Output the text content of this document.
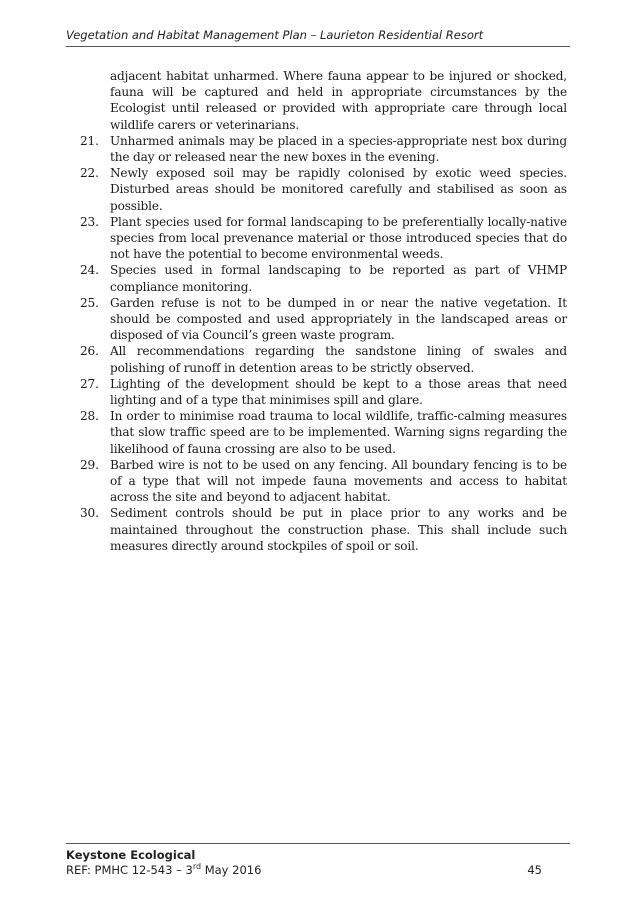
Vegetation and Habitat Management Plan – Laurieton Residential Resort

adjacent habitat unharmed. Where fauna appear to be injured or shocked, fauna will be captured and held in appropriate circumstances by the Ecologist until released or provided with appropriate care through local wildlife carers or veterinarians.

21. Unharmed animals may be placed in a species-appropriate nest box during the day or released near the new boxes in the evening.
22. Newly exposed soil may be rapidly colonised by exotic weed species. Disturbed areas should be monitored carefully and stabilised as soon as possible.
23. Plant species used for formal landscaping to be preferentially locally-native species from local prevenance material or those introduced species that do not have the potential to become environmental weeds.
24. Species used in formal landscaping to be reported as part of VHMP compliance monitoring.
25. Garden refuse is not to be dumped in or near the native vegetation. It should be composted and used appropriately in the landscaped areas or disposed of via Council’s green waste program.
26. All recommendations regarding the sandstone lining of swales and polishing of runoff in detention areas to be strictly observed.
27. Lighting of the development should be kept to a those areas that need lighting and of a type that minimises spill and glare.
28. In order to minimise road trauma to local wildlife, traffic-calming measures that slow traffic speed are to be implemented. Warning signs regarding the likelihood of fauna crossing are also to be used.
29. Barbed wire is not to be used on any fencing. All boundary fencing is to be of a type that will not impede fauna movements and access to habitat across the site and beyond to adjacent habitat.
30. Sediment controls should be put in place prior to any works and be maintained throughout the construction phase. This shall include such measures directly around stockpiles of spoil or soil.
Keystone Ecological
REF: PMHC 12-543 – 3rd May 2016	45
